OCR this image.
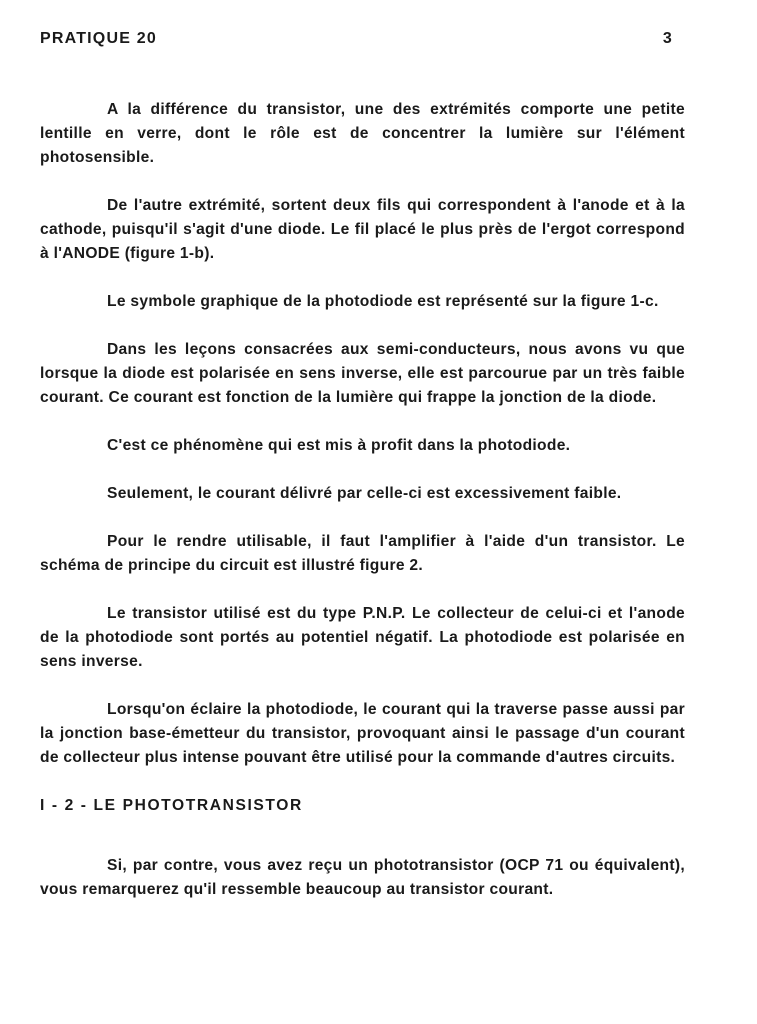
PRATIQUE 20	3

A la différence du transistor, une des extrémités comporte une petite lentille en verre, dont le rôle est de concentrer la lumière sur l'élément photosensible.

De l'autre extrémité, sortent deux fils qui correspondent à l'anode et à la cathode, puisqu'il s'agit d'une diode. Le fil placé le plus près de l'ergot correspond à l'ANODE (figure 1-b).

Le symbole graphique de la photodiode est représenté sur la figure 1-c.

Dans les leçons consacrées aux semi-conducteurs, nous avons vu que lorsque la diode est polarisée en sens inverse, elle est parcourue par un très faible courant. Ce courant est fonction de la lumière qui frappe la jonction de la diode.

C'est ce phénomène qui est mis à profit dans la photodiode.

Seulement, le courant délivré par celle-ci est excessivement faible.

Pour le rendre utilisable, il faut l'amplifier à l'aide d'un transistor. Le schéma de principe du circuit est illustré figure 2.

Le transistor utilisé est du type P.N.P. Le collecteur de celui-ci et l'anode de la photodiode sont portés au potentiel négatif. La photodiode est polarisée en sens inverse.

Lorsqu'on éclaire la photodiode, le courant qui la traverse passe aussi par la jonction base-émetteur du transistor, provoquant ainsi le passage d'un courant de collecteur plus intense pouvant être utilisé pour la commande d'autres circuits.

I - 2 - LE PHOTOTRANSISTOR

Si, par contre, vous avez reçu un phototransistor (OCP 71 ou équivalent), vous remarquerez qu'il ressemble beaucoup au transistor courant.
